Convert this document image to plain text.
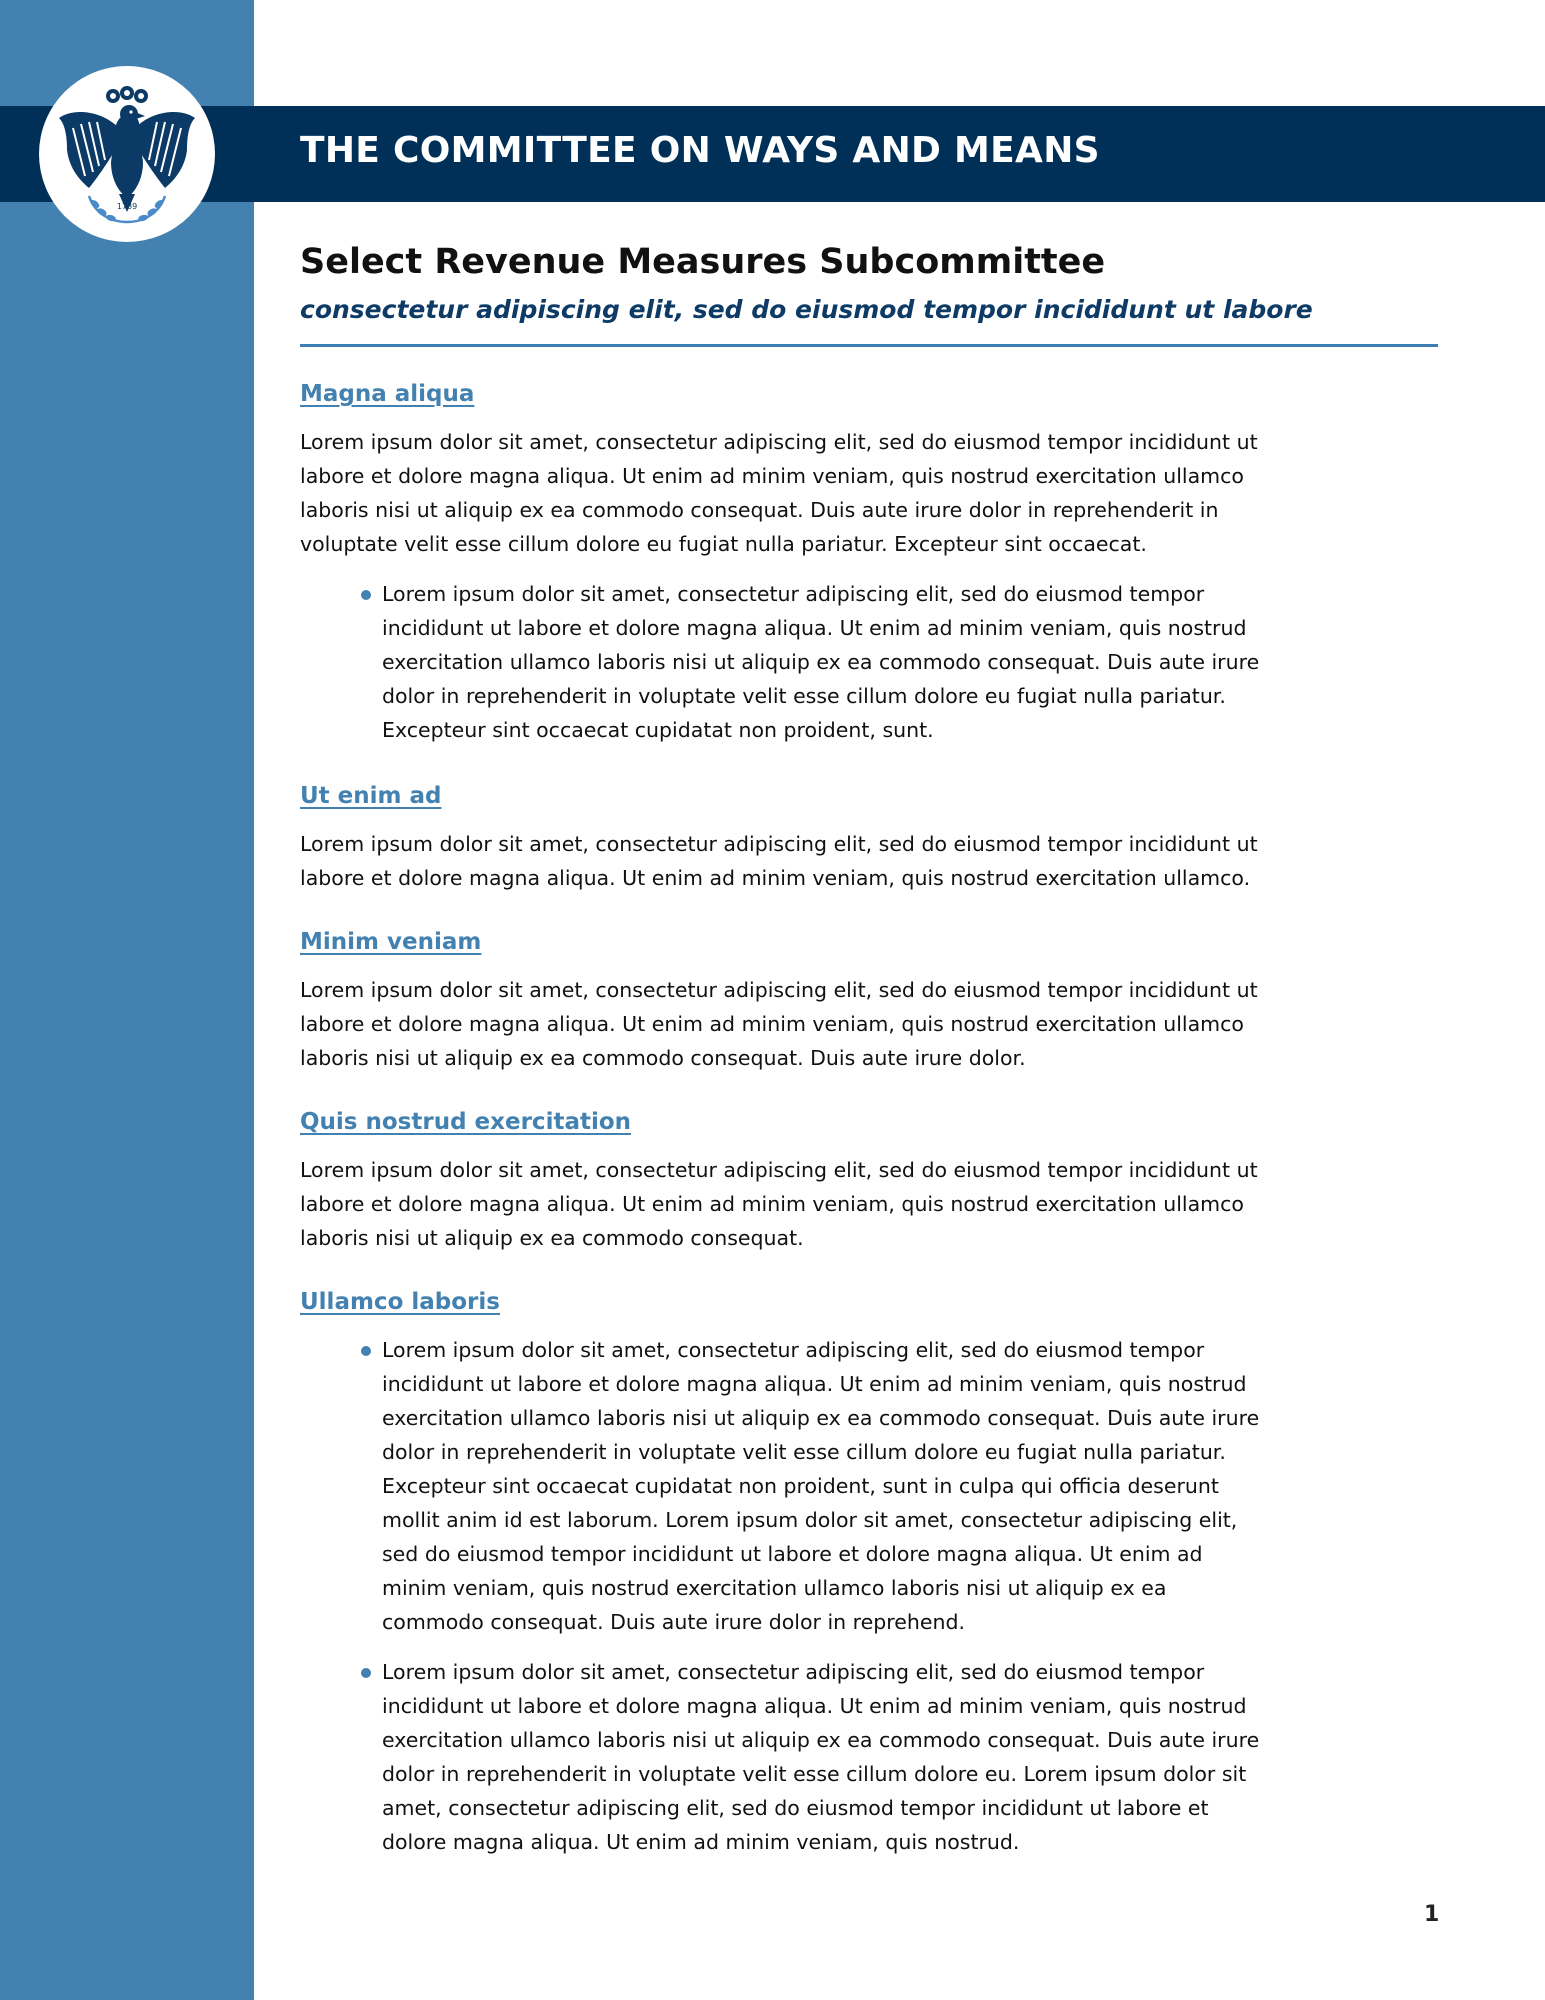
THE COMMITTEE ON WAYS AND MEANS
1789
Select Revenue Measures Subcommittee
consectetur adipiscing elit, sed do eiusmod tempor incididunt ut labore
Magna aliqua
Lorem ipsum dolor sit amet, consectetur adipiscing elit, sed do eiusmod tempor incididunt ut
labore et dolore magna aliqua. Ut enim ad minim veniam, quis nostrud exercitation ullamco
laboris nisi ut aliquip ex ea commodo consequat. Duis aute irure dolor in reprehenderit in
voluptate velit esse cillum dolore eu fugiat nulla pariatur. Excepteur sint occaecat.
Lorem ipsum dolor sit amet, consectetur adipiscing elit, sed do eiusmod tempor
incididunt ut labore et dolore magna aliqua. Ut enim ad minim veniam, quis nostrud
exercitation ullamco laboris nisi ut aliquip ex ea commodo consequat. Duis aute irure
dolor in reprehenderit in voluptate velit esse cillum dolore eu fugiat nulla pariatur.
Excepteur sint occaecat cupidatat non proident, sunt.
Ut enim ad
Lorem ipsum dolor sit amet, consectetur adipiscing elit, sed do eiusmod tempor incididunt ut
labore et dolore magna aliqua. Ut enim ad minim veniam, quis nostrud exercitation ullamco.
Minim veniam
Lorem ipsum dolor sit amet, consectetur adipiscing elit, sed do eiusmod tempor incididunt ut
labore et dolore magna aliqua. Ut enim ad minim veniam, quis nostrud exercitation ullamco
laboris nisi ut aliquip ex ea commodo consequat. Duis aute irure dolor.
Quis nostrud exercitation
Lorem ipsum dolor sit amet, consectetur adipiscing elit, sed do eiusmod tempor incididunt ut
labore et dolore magna aliqua. Ut enim ad minim veniam, quis nostrud exercitation ullamco
laboris nisi ut aliquip ex ea commodo consequat.
Ullamco laboris
Lorem ipsum dolor sit amet, consectetur adipiscing elit, sed do eiusmod tempor
incididunt ut labore et dolore magna aliqua. Ut enim ad minim veniam, quis nostrud
exercitation ullamco laboris nisi ut aliquip ex ea commodo consequat. Duis aute irure
dolor in reprehenderit in voluptate velit esse cillum dolore eu fugiat nulla pariatur.
Excepteur sint occaecat cupidatat non proident, sunt in culpa qui officia deserunt
mollit anim id est laborum. Lorem ipsum dolor sit amet, consectetur adipiscing elit,
sed do eiusmod tempor incididunt ut labore et dolore magna aliqua. Ut enim ad
minim veniam, quis nostrud exercitation ullamco laboris nisi ut aliquip ex ea
commodo consequat. Duis aute irure dolor in reprehend.
Lorem ipsum dolor sit amet, consectetur adipiscing elit, sed do eiusmod tempor
incididunt ut labore et dolore magna aliqua. Ut enim ad minim veniam, quis nostrud
exercitation ullamco laboris nisi ut aliquip ex ea commodo consequat. Duis aute irure
dolor in reprehenderit in voluptate velit esse cillum dolore eu. Lorem ipsum dolor sit
amet, consectetur adipiscing elit, sed do eiusmod tempor incididunt ut labore et
dolore magna aliqua. Ut enim ad minim veniam, quis nostrud.
1
